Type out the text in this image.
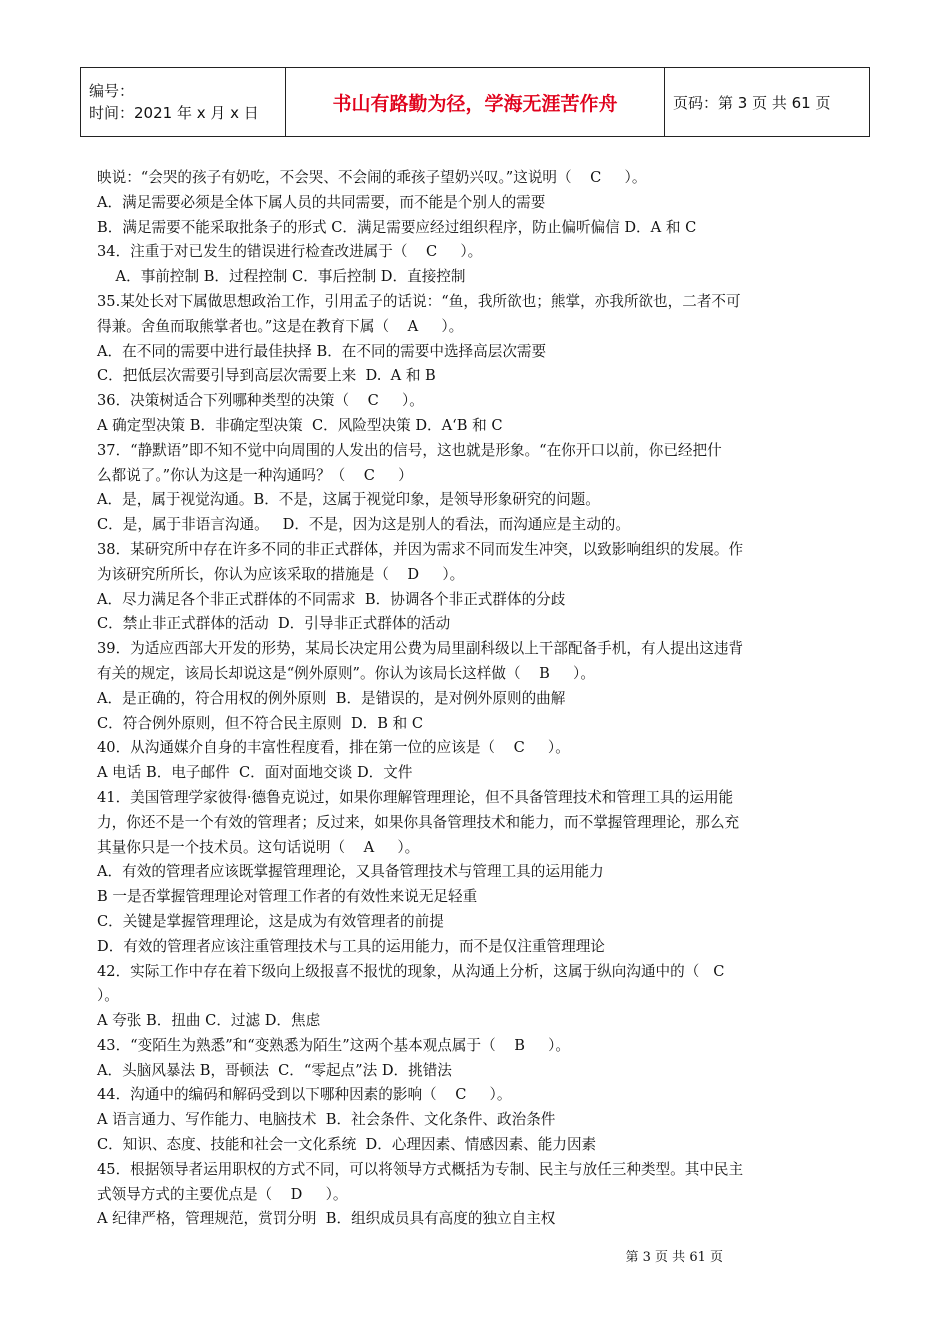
编号：
时间：2021 年 x 月 x 日	书山有路勤为径，学海无涯苦作舟	页码：第 3 页 共 61 页
映说：“会哭的孩子有奶吃，不会哭、不会闹的乖孩子望奶兴叹。”这说明（    C     ）。
A．满足需要必须是全体下属人员的共同需要，而不能是个别人的需要
B．满足需要不能采取批条子的形式 C．满足需要应经过组织程序，防止偏听偏信 D．A 和 C
34．注重于对已发生的错误进行检查改进属于（    C     ）。
A．事前控制 B．过程控制 C．事后控制 D．直接控制
35.某处长对下属做思想政治工作，引用孟子的话说：“鱼，我所欲也；熊掌，亦我所欲也，二者不可
得兼。舍鱼而取熊掌者也。”这是在教育下属（    A     ）。
A．在不同的需要中进行最佳抉择 B．在不同的需要中选择高层次需要
C．把低层次需要引导到高层次需要上来  D.  A 和 B
36．决策树适合下列哪种类型的决策（    C     ）。
A 确定型决策 B．非确定型决策  C．风险型决策 D．A‘B 和 C
37．“静默语”即不知不觉中向周围的人发出的信号，这也就是形象。“在你开口以前，你已经把什
么都说了。”你认为这是一种沟通吗？（    C     ）
A．是，属于视觉沟通。B．不是，这属于视觉印象，是领导形象研究的问题。
C．是，属于非语言沟通。   D．不是，因为这是别人的看法，而沟通应是主动的。
38．某研究所中存在许多不同的非正式群体，并因为需求不同而发生冲突，以致影响组织的发展。作
为该研究所所长，你认为应该采取的措施是（    D     ）。
A．尽力满足各个非正式群体的不同需求  B．协调各个非正式群体的分歧
C．禁止非正式群体的活动  D．引导非正式群体的活动
39．为适应西部大开发的形势，某局长决定用公费为局里副科级以上干部配备手机，有人提出这违背
有关的规定，该局长却说这是“例外原则”。你认为该局长这样做（    B     ）。
A．是正确的，符合用权的例外原则  B．是错误的，是对例外原则的曲解
C．符合例外原则，但不符合民主原则  D．B 和 C
40．从沟通媒介自身的丰富性程度看，排在第一位的应该是（    C     ）。
A 电话 B．电子邮件  C．面对面地交谈 D．文件
41．美国管理学家彼得·德鲁克说过，如果你理解管理理论，但不具备管理技术和管理工具的运用能
力，你还不是一个有效的管理者；反过来，如果你具备管理技术和能力，而不掌握管理理论，那么充
其量你只是一个技术员。这句话说明（    A     ）。
A．有效的管理者应该既掌握管理理论，又具备管理技术与管理工具的运用能力
B 一是否掌握管理理论对管理工作者的有效性来说无足轻重
C．关键是掌握管理理论，这是成为有效管理者的前提
D．有效的管理者应该注重管理技术与工具的运用能力，而不是仅注重管理理论
42．实际工作中存在着下级向上级报喜不报忧的现象，从沟通上分析，这属于纵向沟通中的（   C
）。
A 夸张 B．扭曲 C．过滤 D．焦虑
43．“变陌生为熟悉”和“变熟悉为陌生”这两个基本观点属于（    B     ）。
A．头脑风暴法 B，哥顿法  C．“零起点”法 D．挑错法
44．沟通中的编码和解码受到以下哪种因素的影响（    C     ）。
A 语言通力、写作能力、电脑技术  B．社会条件、文化条件、政治条件
C．知识、态度、技能和社会一文化系统  D．心理因素、情感因素、能力因素
45．根据领导者运用职权的方式不同，可以将领导方式概括为专制、民主与放任三种类型。其中民主
式领导方式的主要优点是（    D     ）。
A 纪律严格，管理规范，赏罚分明  B．组织成员具有高度的独立自主权
第 3 页 共 61 页
